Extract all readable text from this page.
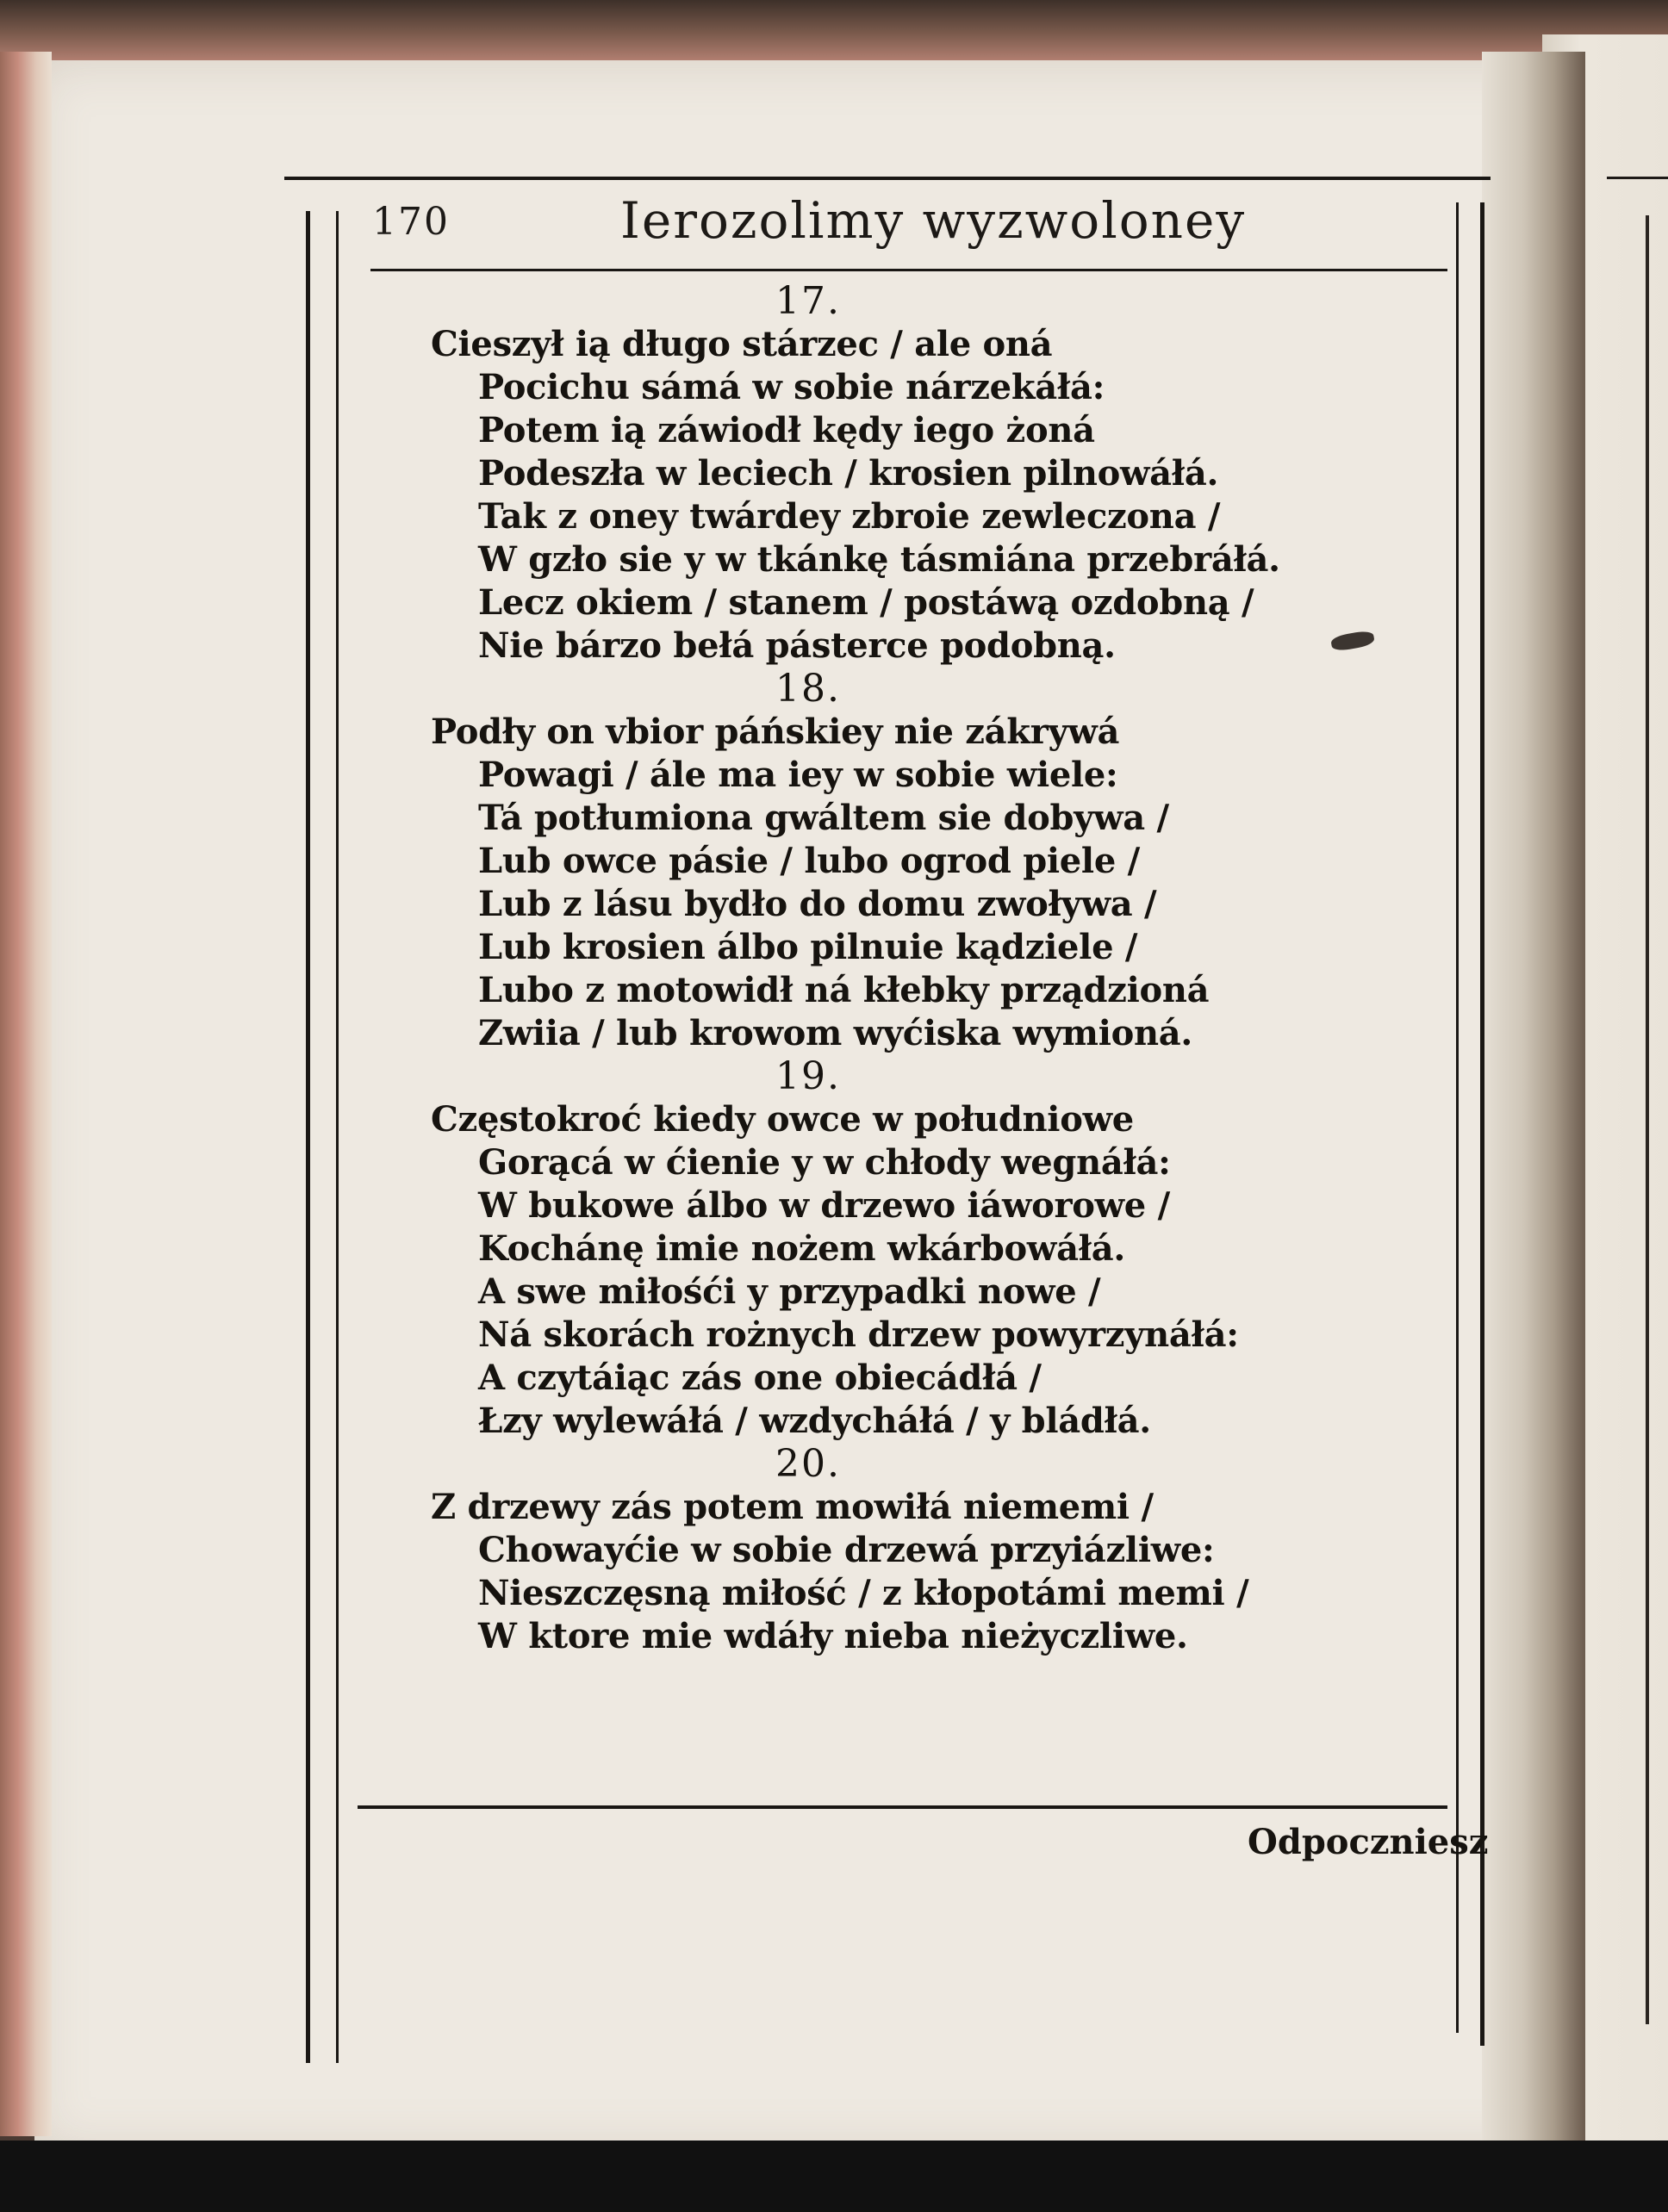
170	Ierozolimy wyzwoloney
17.
Cieszył ią długo stárzec / ale oná
Pocichu sámá w sobie nárzekáłá:
Potem ią záwiodł kędy iego żoná
Podeszła w leciech / krosien pilnowáłá.
Tak z oney twárdey zbroie zewleczona /
W gzło sie y w tkánkę tásmiána przebráłá.
Lecz okiem / stanem / postáwą ozdobną /
Nie bárzo bełá pásterce podobną.
18.
Podły on vbior páńskiey nie zákrywá
Powagi / ále ma iey w sobie wiele:
Tá potłumiona gwáltem sie dobywa /
Lub owce pásie / lubo ogrod piele /
Lub z lásu bydło do domu zwoływa /
Lub krosien álbo pilnuie kądziele /
Lubo z motowidł ná kłebky prządzioná
Zwiia / lub krowom wyćiska wymioná.
19.
Częstokroć kiedy owce w południowe
Gorącá w ćienie y w chłody wegnáłá:
W bukowe álbo w drzewo iáworowe /
Kochánę imie nożem wkárbowáłá.
A swe miłośći y przypadki nowe /
Ná skorách rożnych drzew powyrzynáłá:
A czytáiąc zás one obiecádłá /
Łzy wylewáłá / wzdycháłá / y bládłá.
20.
Z drzewy zás potem mowiłá niememi /
Chowayćie w sobie drzewá przyiázliwe:
Nieszczęsną miłość / z kłopotámi memi /
W ktore mie wdáły nieba nieżyczliwe.
Odpoczniesz
